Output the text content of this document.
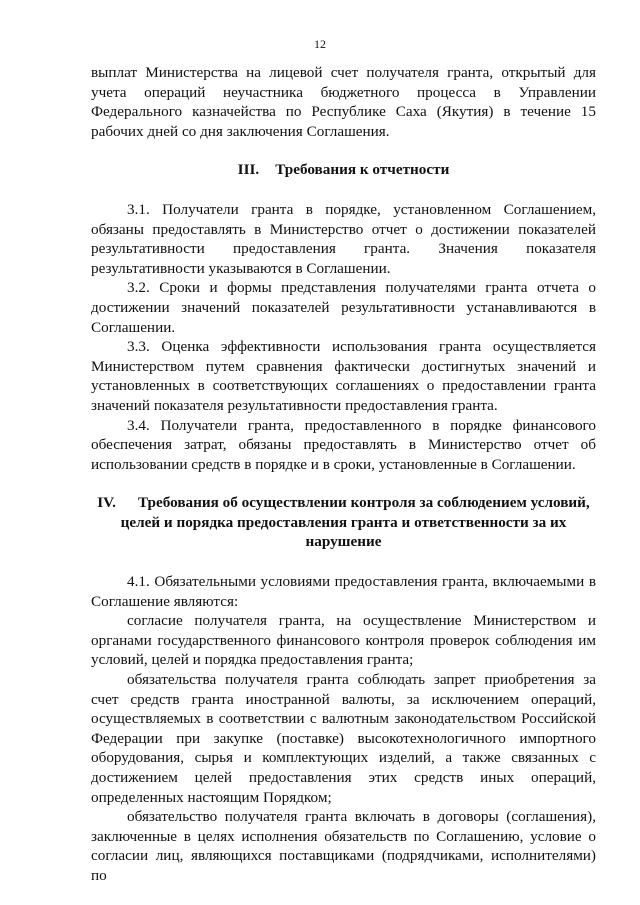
12

выплат Министерства на лицевой счет получателя гранта, открытый для учета операций неучастника бюджетного процесса в Управлении Федерального казначейства по Республике Саха (Якутия) в течение 15 рабочих дней со дня заключения Соглашения.

III. Требования к отчетности

3.1. Получатели гранта в порядке, установленном Соглашением, обязаны предоставлять в Министерство отчет о достижении показателей результативности предоставления гранта. Значения показателя результативности указываются в Соглашении.

3.2. Сроки и формы представления получателями гранта отчета о достижении значений показателей результативности устанавливаются в Соглашении.

3.3. Оценка эффективности использования гранта осуществляется Министерством путем сравнения фактически достигнутых значений и установленных в соответствующих соглашениях о предоставлении гранта значений показателя результативности предоставления гранта.

3.4. Получатели гранта, предоставленного в порядке финансового обеспечения затрат, обязаны предоставлять в Министерство отчет об использовании средств в порядке и в сроки, установленные в Соглашении.

IV. Требования об осуществлении контроля за соблюдением условий, целей и порядка предоставления гранта и ответственности за их нарушение

4.1. Обязательными условиями предоставления гранта, включаемыми в Соглашение являются:

согласие получателя гранта, на осуществление Министерством и органами государственного финансового контроля проверок соблюдения им условий, целей и порядка предоставления гранта;

обязательства получателя гранта соблюдать запрет приобретения за счет средств гранта иностранной валюты, за исключением операций, осуществляемых в соответствии с валютным законодательством Российской Федерации при закупке (поставке) высокотехнологичного импортного оборудования, сырья и комплектующих изделий, а также связанных с достижением целей предоставления этих средств иных операций, определенных настоящим Порядком;

обязательство получателя гранта включать в договоры (соглашения), заключенные в целях исполнения обязательств по Соглашению, условие о согласии лиц, являющихся поставщиками (подрядчиками, исполнителями) по
